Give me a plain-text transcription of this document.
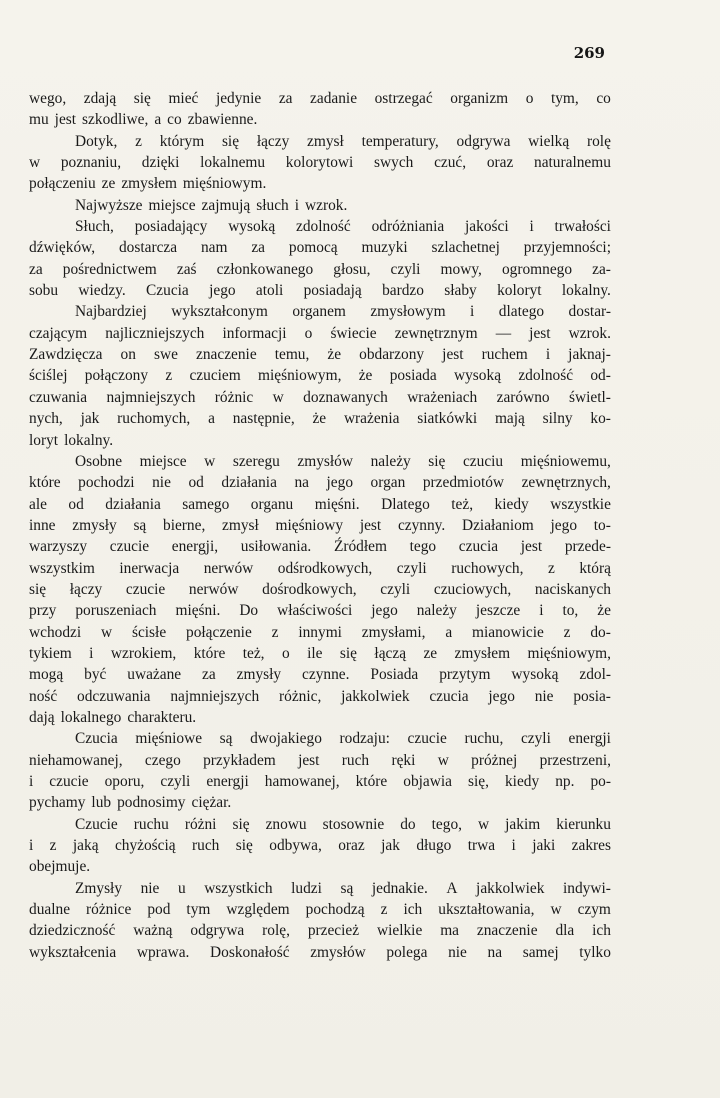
269
wego, zdają się mieć jedynie za zadanie ostrzegać organizm o tym, co
mu jest szkodliwe, a co zbawienne.
Dotyk, z którym się łączy zmysł temperatury, odgrywa wielką rolę
w poznaniu, dzięki lokalnemu kolorytowi swych czuć, oraz naturalnemu
połączeniu ze zmysłem mięśniowym.
Najwyższe miejsce zajmują słuch i wzrok.
Słuch, posiadający wysoką zdolność odróżniania jakości i trwałości
dźwięków, dostarcza nam za pomocą muzyki szlachetnej przyjemności;
za pośrednictwem zaś członkowanego głosu, czyli mowy, ogromnego za-
sobu wiedzy. Czucia jego atoli posiadają bardzo słaby koloryt lokalny.
Najbardziej wykształconym organem zmysłowym i dlatego dostar-
czającym najliczniejszych informacji o świecie zewnętrznym — jest wzrok.
Zawdzięcza on swe znaczenie temu, że obdarzony jest ruchem i jaknaj-
ściślej połączony z czuciem mięśniowym, że posiada wysoką zdolność od-
czuwania najmniejszych różnic w doznawanych wrażeniach zarówno świetl-
nych, jak ruchomych, a następnie, że wrażenia siatkówki mają silny ko-
loryt lokalny.
Osobne miejsce w szeregu zmysłów należy się czuciu mięśniowemu,
które pochodzi nie od działania na jego organ przedmiotów zewnętrznych,
ale od działania samego organu mięśni. Dlatego też, kiedy wszystkie
inne zmysły są bierne, zmysł mięśniowy jest czynny. Działaniom jego to-
warzyszy czucie energji, usiłowania. Źródłem tego czucia jest przede-
wszystkim inerwacja nerwów odśrodkowych, czyli ruchowych, z którą
się łączy czucie nerwów dośrodkowych, czyli czuciowych, naciskanych
przy poruszeniach mięśni. Do właściwości jego należy jeszcze i to, że
wchodzi w ścisłe połączenie z innymi zmysłami, a mianowicie z do-
tykiem i wzrokiem, które też, o ile się łączą ze zmysłem mięśniowym,
mogą być uważane za zmysły czynne. Posiada przytym wysoką zdol-
ność odczuwania najmniejszych różnic, jakkolwiek czucia jego nie posia-
dają lokalnego charakteru.
Czucia mięśniowe są dwojakiego rodzaju: czucie ruchu, czyli energji
niehamowanej, czego przykładem jest ruch ręki w próżnej przestrzeni,
i czucie oporu, czyli energji hamowanej, które objawia się, kiedy np. po-
pychamy lub podnosimy ciężar.
Czucie ruchu różni się znowu stosownie do tego, w jakim kierunku
i z jaką chyżością ruch się odbywa, oraz jak długo trwa i jaki zakres
obejmuje.
Zmysły nie u wszystkich ludzi są jednakie. A jakkolwiek indywi-
dualne różnice pod tym względem pochodzą z ich ukształtowania, w czym
dziedziczność ważną odgrywa rolę, przecież wielkie ma znaczenie dla ich
wykształcenia wprawa. Doskonałość zmysłów polega nie na samej tylko
